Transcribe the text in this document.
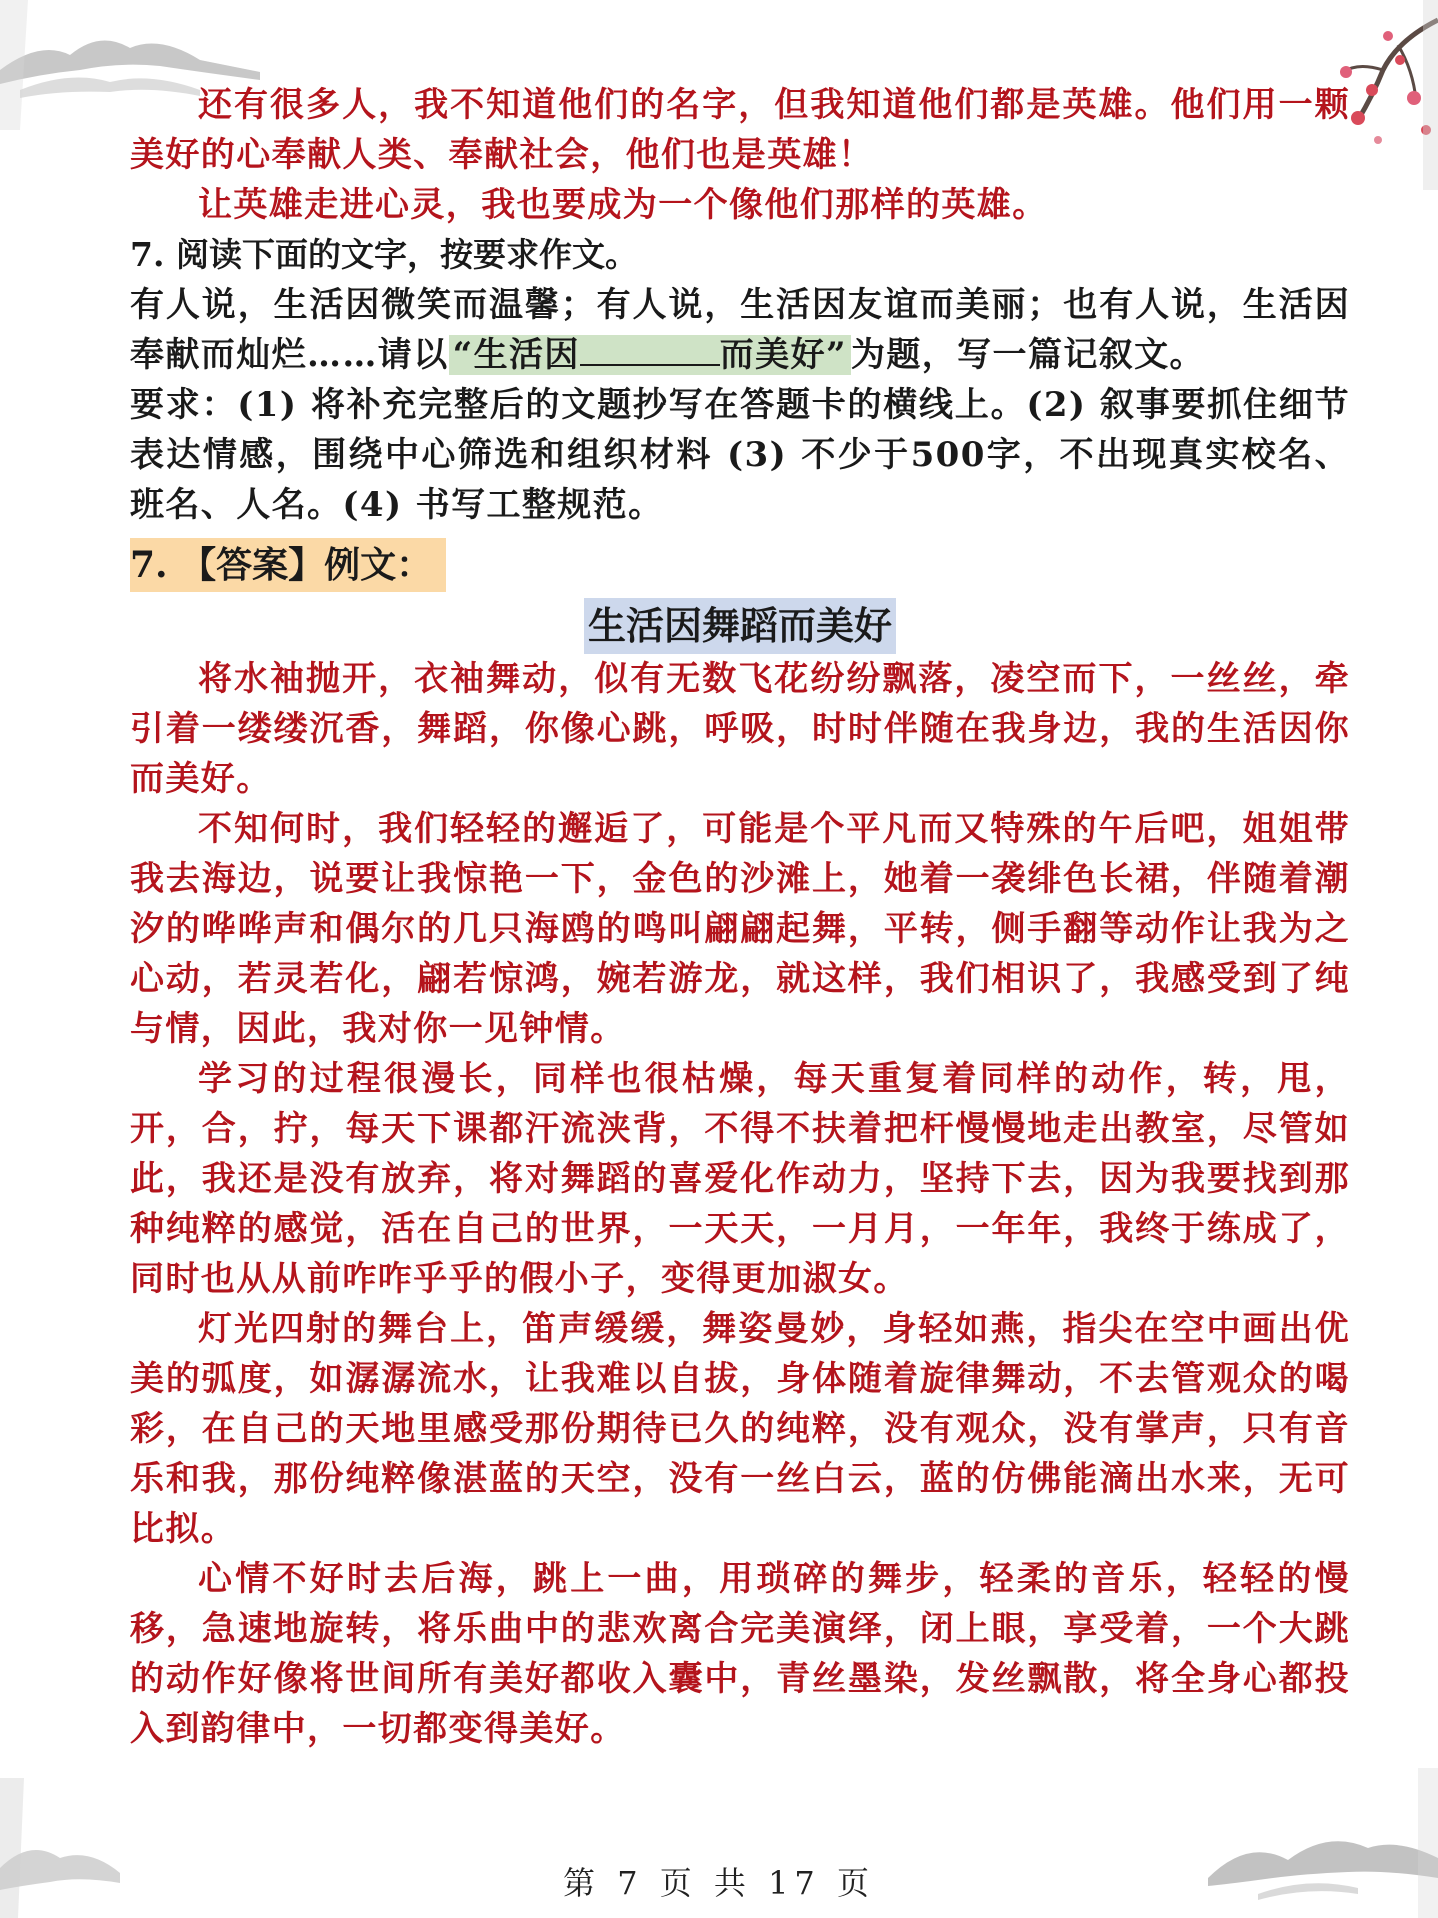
还有很多人，我不知道他们的名字，但我知道他们都是英雄。他们用一颗美好的心奉献人类、奉献社会，他们也是英雄！

让英雄走进心灵，我也要成为一个像他们那样的英雄。

7. 阅读下面的文字，按要求作文。

有人说，生活因微笑而温馨；有人说，生活因友谊而美丽；也有人说，生活因奉献而灿烂……请以 “生活因	而美好” 为题，写一篇记叙文。

要求：(1) 将补充完整后的文题抄写在答题卡的横线上。(2) 叙事要抓住细节表达情感，围绕中心筛选和组织材料 (3) 不少于500字，不出现真实校名、班名、人名。(4) 书写工整规范。

7. 【答案】例文：
生活因舞蹈而美好

将水袖抛开，衣袖舞动，似有无数飞花纷纷飘落，凌空而下，一丝丝，牵引着一缕缕沉香，舞蹈，你像心跳，呼吸，时时伴随在我身边，我的生活因你而美好。

不知何时，我们轻轻的邂逅了，可能是个平凡而又特殊的午后吧，姐姐带我去海边，说要让我惊艳一下，金色的沙滩上，她着一袭绯色长裙，伴随着潮汐的哗哗声和偶尔的几只海鸥的鸣叫翩翩起舞，平转，侧手翻等动作让我为之心动，若灵若化，翩若惊鸿，婉若游龙，就这样，我们相识了，我感受到了纯与情，因此，我对你一见钟情。

学习的过程很漫长，同样也很枯燥，每天重复着同样的动作，转，甩，开，合，拧，每天下课都汗流浃背，不得不扶着把杆慢慢地走出教室，尽管如此，我还是没有放弃，将对舞蹈的喜爱化作动力，坚持下去，因为我要找到那种纯粹的感觉，活在自己的世界，一天天，一月月，一年年，我终于练成了，同时也从从前咋咋乎乎的假小子，变得更加淑女。

灯光四射的舞台上，笛声缓缓，舞姿曼妙，身轻如燕，指尖在空中画出优美的弧度，如潺潺流水，让我难以自拔，身体随着旋律舞动，不去管观众的喝彩，在自己的天地里感受那份期待已久的纯粹，没有观众，没有掌声，只有音乐和我，那份纯粹像湛蓝的天空，没有一丝白云，蓝的仿佛能滴出水来，无可比拟。

心情不好时去后海，跳上一曲，用琐碎的舞步，轻柔的音乐，轻轻的慢移，急速地旋转，将乐曲中的悲欢离合完美演绎，闭上眼，享受着，一个大跳的动作好像将世间所有美好都收入囊中，青丝墨染，发丝飘散，将全身心都投入到韵律中，一切都变得美好。

第 7 页 共 17 页
